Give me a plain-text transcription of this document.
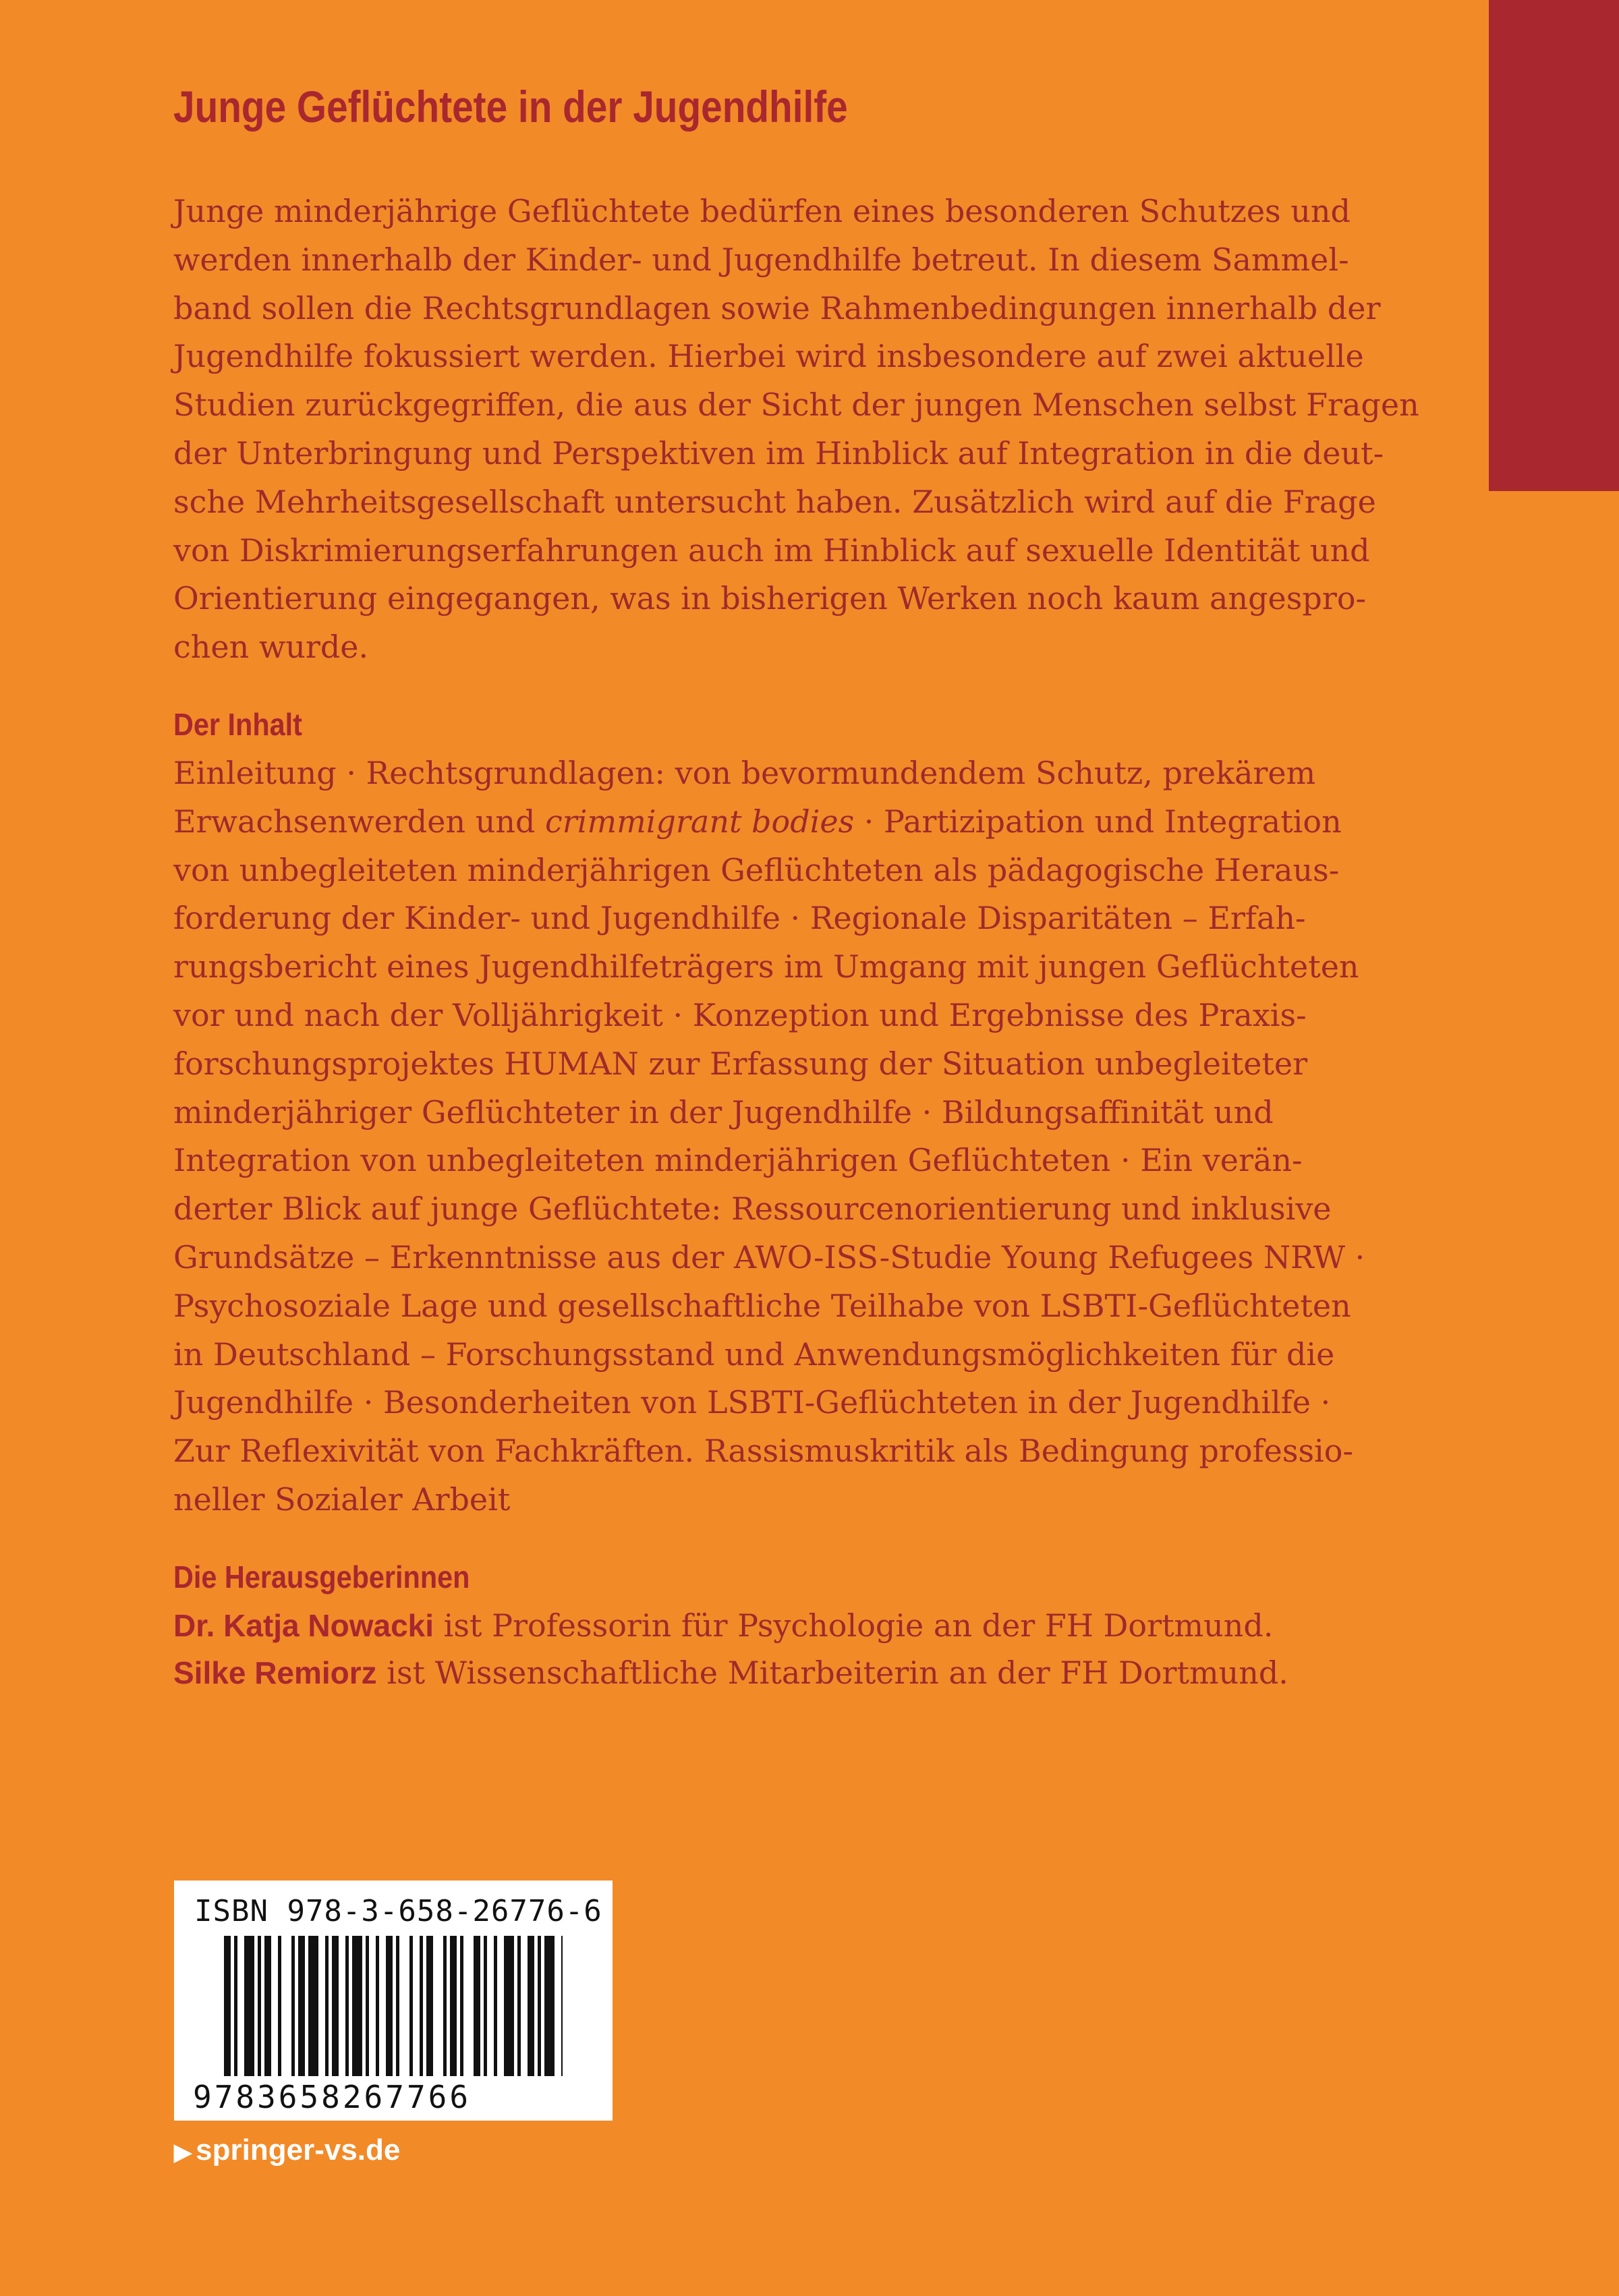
Junge Geflüchtete in der Jugendhilfe
Junge minderjährige Geflüchtete bedürfen eines besonderen Schutzes und
werden innerhalb der Kinder- und Jugendhilfe betreut. In diesem Sammel-
band sollen die Rechtsgrundlagen sowie Rahmenbedingungen innerhalb der
Jugendhilfe fokussiert werden. Hierbei wird insbesondere auf zwei aktuelle
Studien zurückgegriffen, die aus der Sicht der jungen Menschen selbst Fragen
der Unterbringung und Perspektiven im Hinblick auf Integration in die deut-
sche Mehrheitsgesellschaft untersucht haben. Zusätzlich wird auf die Frage
von Diskrimierungserfahrungen auch im Hinblick auf sexuelle Identität und
Orientierung eingegangen, was in bisherigen Werken noch kaum angespro-
chen wurde.
Der Inhalt
Einleitung · Rechtsgrundlagen: von bevormundendem Schutz, prekärem
Erwachsenwerden und crimmigrant bodies · Partizipation und Integration
von unbegleiteten minderjährigen Geflüchteten als pädagogische Heraus-
forderung der Kinder- und Jugendhilfe · Regionale Disparitäten – Erfah-
rungsbericht eines Jugendhilfeträgers im Umgang mit jungen Geflüchteten
vor und nach der Volljährigkeit · Konzeption und Ergebnisse des Praxis-
forschungsprojektes HUMAN zur Erfassung der Situation unbegleiteter
minderjähriger Geflüchteter in der Jugendhilfe · Bildungsaffinität und
Integration von unbegleiteten minderjährigen Geflüchteten · Ein verän-
derter Blick auf junge Geflüchtete: Ressourcenorientierung und inklusive
Grundsätze – Erkenntnisse aus der AWO-ISS-Studie Young Refugees NRW ·
Psychosoziale Lage und gesellschaftliche Teilhabe von LSBTI-Geflüchteten
in Deutschland – Forschungsstand und Anwendungsmöglichkeiten für die
Jugendhilfe · Besonderheiten von LSBTI-Geflüchteten in der Jugendhilfe ·
Zur Reflexivität von Fachkräften. Rassismuskritik als Bedingung professio-
neller Sozialer Arbeit
Die Herausgeberinnen
Dr. Katja Nowacki ist Professorin für Psychologie an der FH Dortmund.
Silke Remiorz ist Wissenschaftliche Mitarbeiterin an der FH Dortmund.
ISBN 978-3-658-26776-6
9783658267766
▶ springer-vs.de
